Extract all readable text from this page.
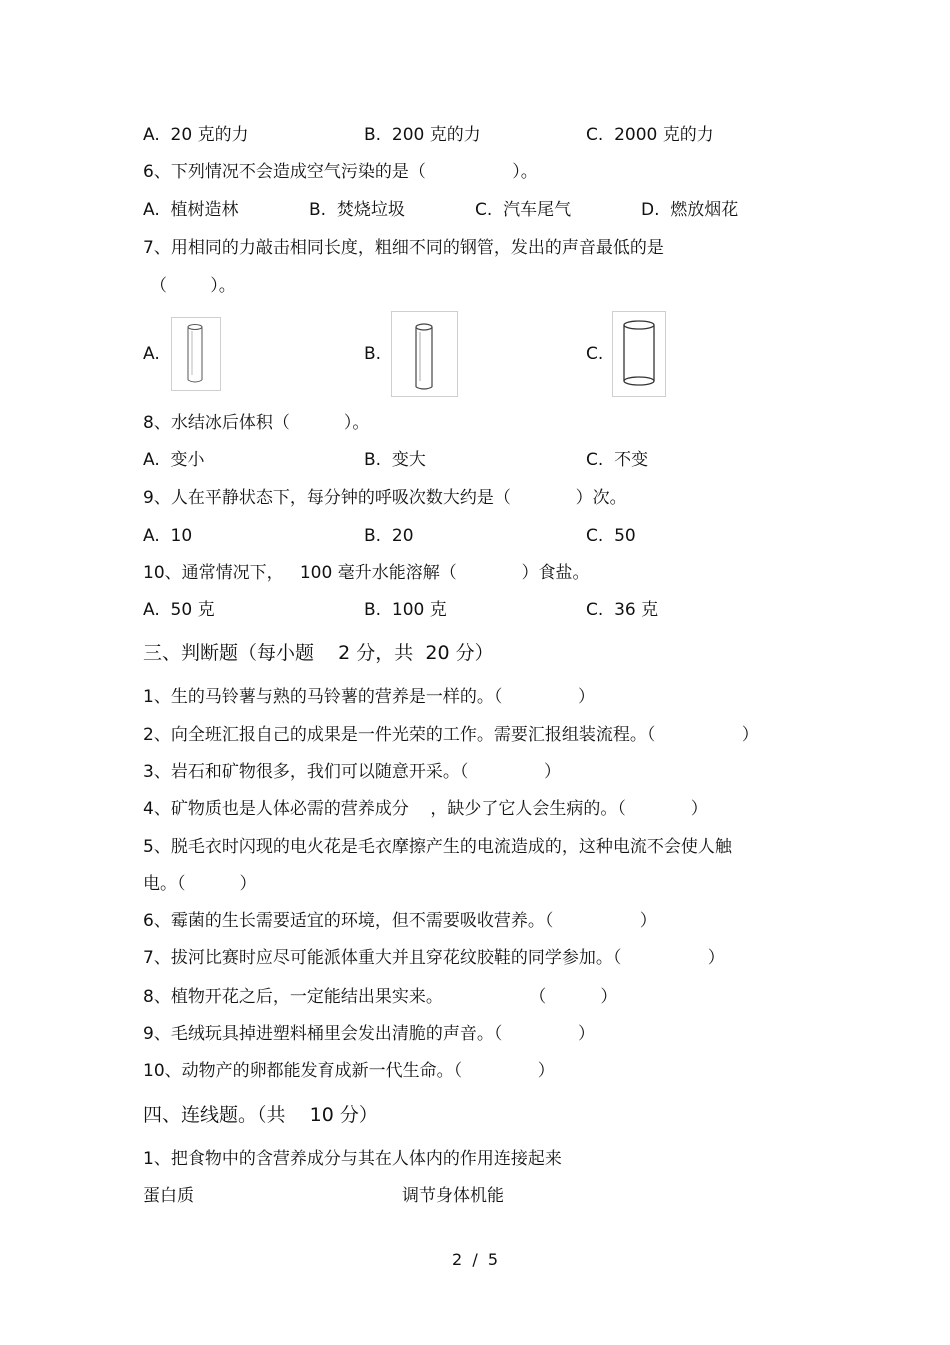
A.  20 克的力	B.  200 克的力	C.  2000 克的力
6、下列情况不会造成空气污染的是（                ）。
A.  植树造林	B.  焚烧垃圾	C.  汽车尾气	D.  燃放烟花
7、用相同的力敲击相同长度，粗细不同的钢管，发出的声音最低的是
（        ）。
A.	B.	C.
8、水结冰后体积（          ）。
A.  变小	B.  变大	C.  不变
9、人在平静状态下，每分钟的呼吸次数大约是（            ）次。
A.  10	B.  20	C.  50
10、通常情况下，   100 毫升水能溶解（            ）食盐。
A.  50 克	B.  100 克	C.  36 克
三、判断题（每小题    2 分，共  20 分）
1、生的马铃薯与熟的马铃薯的营养是一样的。（              ）
2、向全班汇报自己的成果是一件光荣的工作。需要汇报组装流程。（                ）
3、岩石和矿物很多，我们可以随意开采。（              ）
4、矿物质也是人体必需的营养成分    ，缺少了它人会生病的。（            ）
5、脱毛衣时闪现的电火花是毛衣摩擦产生的电流造成的，这种电流不会使人触
电。（          ）
6、霉菌的生长需要适宜的环境，但不需要吸收营养。（                ）
7、拔河比赛时应尽可能派体重大并且穿花纹胶鞋的同学参加。（                ）
8、植物开花之后，一定能结出果实来。                （          ）
9、毛绒玩具掉进塑料桶里会发出清脆的声音。（              ）
10、动物产的卵都能发育成新一代生命。（              ）
四、连线题。（共    10 分）
1、把食物中的含营养成分与其在人体内的作用连接起来
蛋白质	调节身体机能
2  /  5
